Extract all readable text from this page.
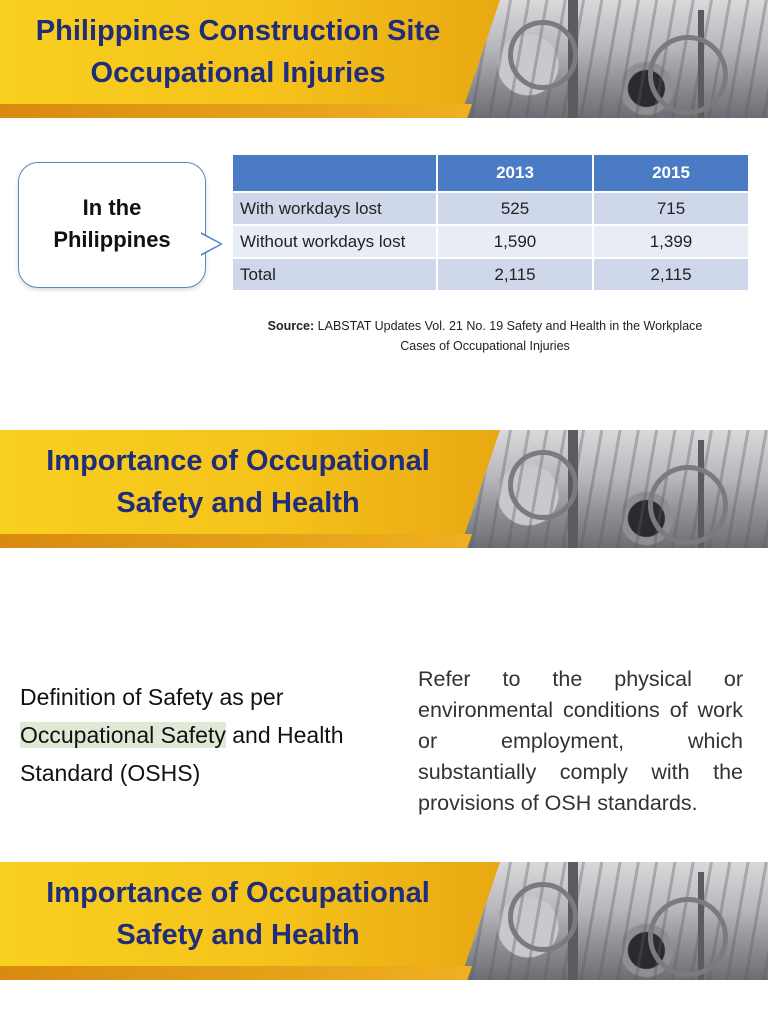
Philippines Construction Site
Occupational Injuries
In the
Philippines
	2013	2015
With workdays lost	525	715
Without workdays lost	1,590	1,399
Total	2,115	2,115
Source: LABSTAT Updates Vol. 21 No. 19 Safety and Health in the Workplace
Cases of Occupational Injuries
Importance of Occupational
Safety and Health
Definition of Safety as per Occupational Safety and Health Standard (OSHS)
Refer to the physical or environmental conditions of work or employment, which substantially comply with the provisions of OSH standards.
Importance of Occupational
Safety and Health
